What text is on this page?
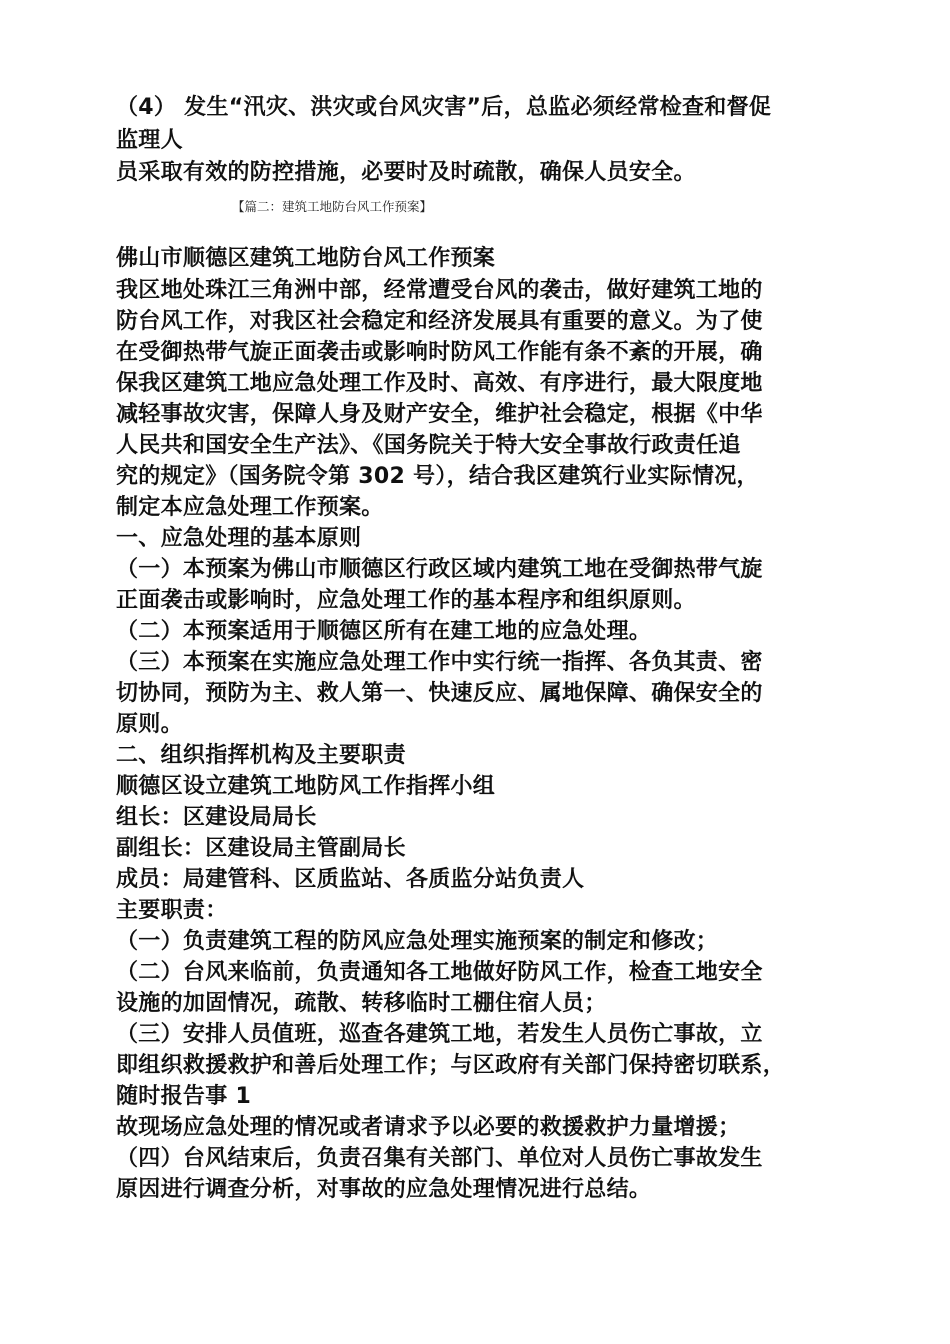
（4） 发生“汛灾、洪灾或台风灾害”后，总监必须经常检查和督促
监理人
员采取有效的防控措施，必要时及时疏散，确保人员安全。
【篇二：建筑工地防台风工作预案】
佛山市顺德区建筑工地防台风工作预案
我区地处珠江三角洲中部，经常遭受台风的袭击，做好建筑工地的
防台风工作，对我区社会稳定和经济发展具有重要的意义。为了使
在受御热带气旋正面袭击或影响时防风工作能有条不紊的开展，确
保我区建筑工地应急处理工作及时、高效、有序进行，最大限度地
减轻事故灾害，保障人身及财产安全，维护社会稳定，根据《中华
人民共和国安全生产法》、《国务院关于特大安全事故行政责任追
究的规定》（国务院令第 302 号），结合我区建筑行业实际情况，
制定本应急处理工作预案。
一、应急处理的基本原则
（一）本预案为佛山市顺德区行政区域内建筑工地在受御热带气旋
正面袭击或影响时，应急处理工作的基本程序和组织原则。
（二）本预案适用于顺德区所有在建工地的应急处理。
（三）本预案在实施应急处理工作中实行统一指挥、各负其责、密
切协同，预防为主、救人第一、快速反应、属地保障、确保安全的
原则。
二、组织指挥机构及主要职责
顺德区设立建筑工地防风工作指挥小组
组长：区建设局局长
副组长：区建设局主管副局长
成员：局建管科、区质监站、各质监分站负责人
主要职责：
（一）负责建筑工程的防风应急处理实施预案的制定和修改；
（二）台风来临前，负责通知各工地做好防风工作，检查工地安全
设施的加固情况，疏散、转移临时工棚住宿人员；
（三）安排人员值班，巡查各建筑工地，若发生人员伤亡事故，立
即组织救援救护和善后处理工作；与区政府有关部门保持密切联系，
随时报告事 1
故现场应急处理的情况或者请求予以必要的救援救护力量增援；
（四）台风结束后，负责召集有关部门、单位对人员伤亡事故发生
原因进行调查分析，对事故的应急处理情况进行总结。
